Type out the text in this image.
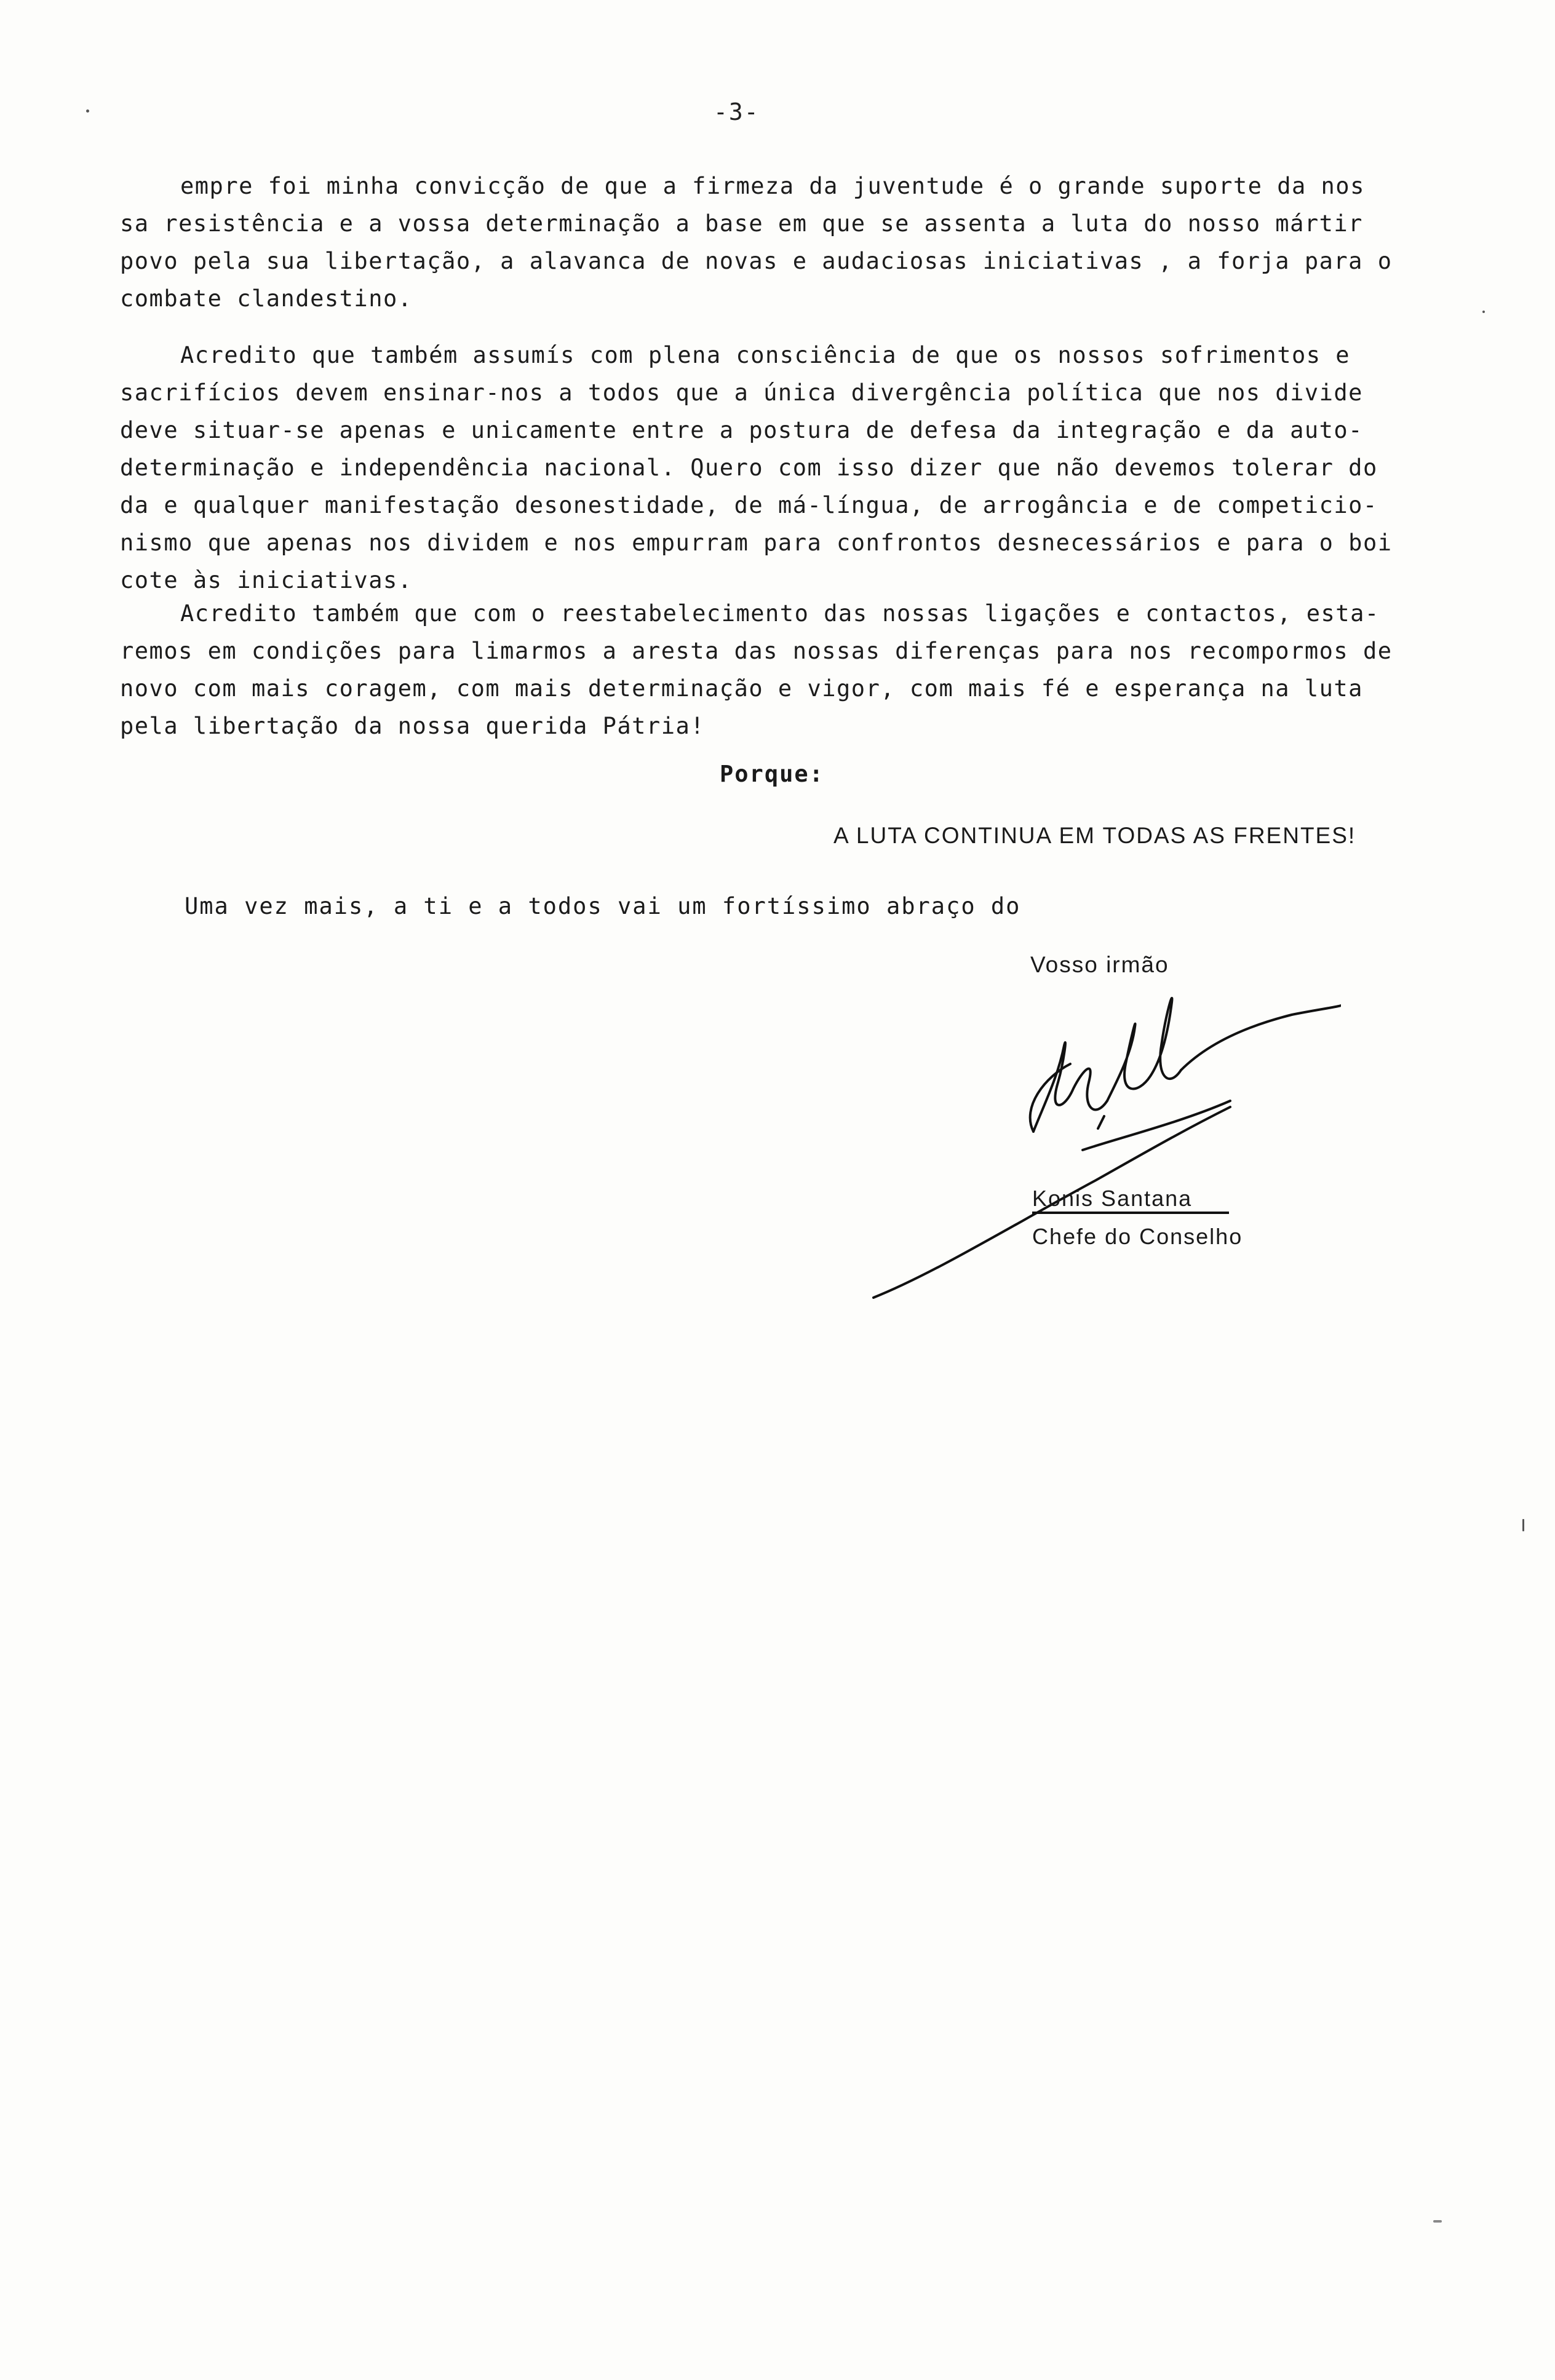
-3-
empre foi minha convicção de que a firmeza da juventude é o grande suporte da nos
sa resistência e a vossa determinação a base em que se assenta a luta do nosso mártir
povo pela sua libertação, a alavanca de novas e audaciosas iniciativas , a forja para o
combate clandestino.
Acredito que também assumís com plena consciência de que os nossos sofrimentos e
sacrifícios devem ensinar-nos a todos que a única divergência política que nos divide
deve situar-se apenas e unicamente entre a postura de defesa da integração e da auto-
determinação e independência nacional. Quero com isso dizer que não devemos tolerar do
da e qualquer manifestação desonestidade, de má-língua, de arrogância e de competicio-
nismo que apenas nos dividem e nos empurram para confrontos desnecessários e para o boi
cote às iniciativas.
Acredito também que com o reestabelecimento das nossas ligações e contactos, esta-
remos em condições para limarmos a aresta das nossas diferenças para nos recompormos de
novo com mais coragem, com mais determinação e vigor, com mais fé e esperança na luta
pela libertação da nossa querida Pátria!
Porque:
A LUTA CONTINUA EM TODAS AS FRENTES!
Uma vez mais, a ti e a todos vai um fortíssimo abraço do
Vosso irmão
Konis Santana
Chefe do Conselho
